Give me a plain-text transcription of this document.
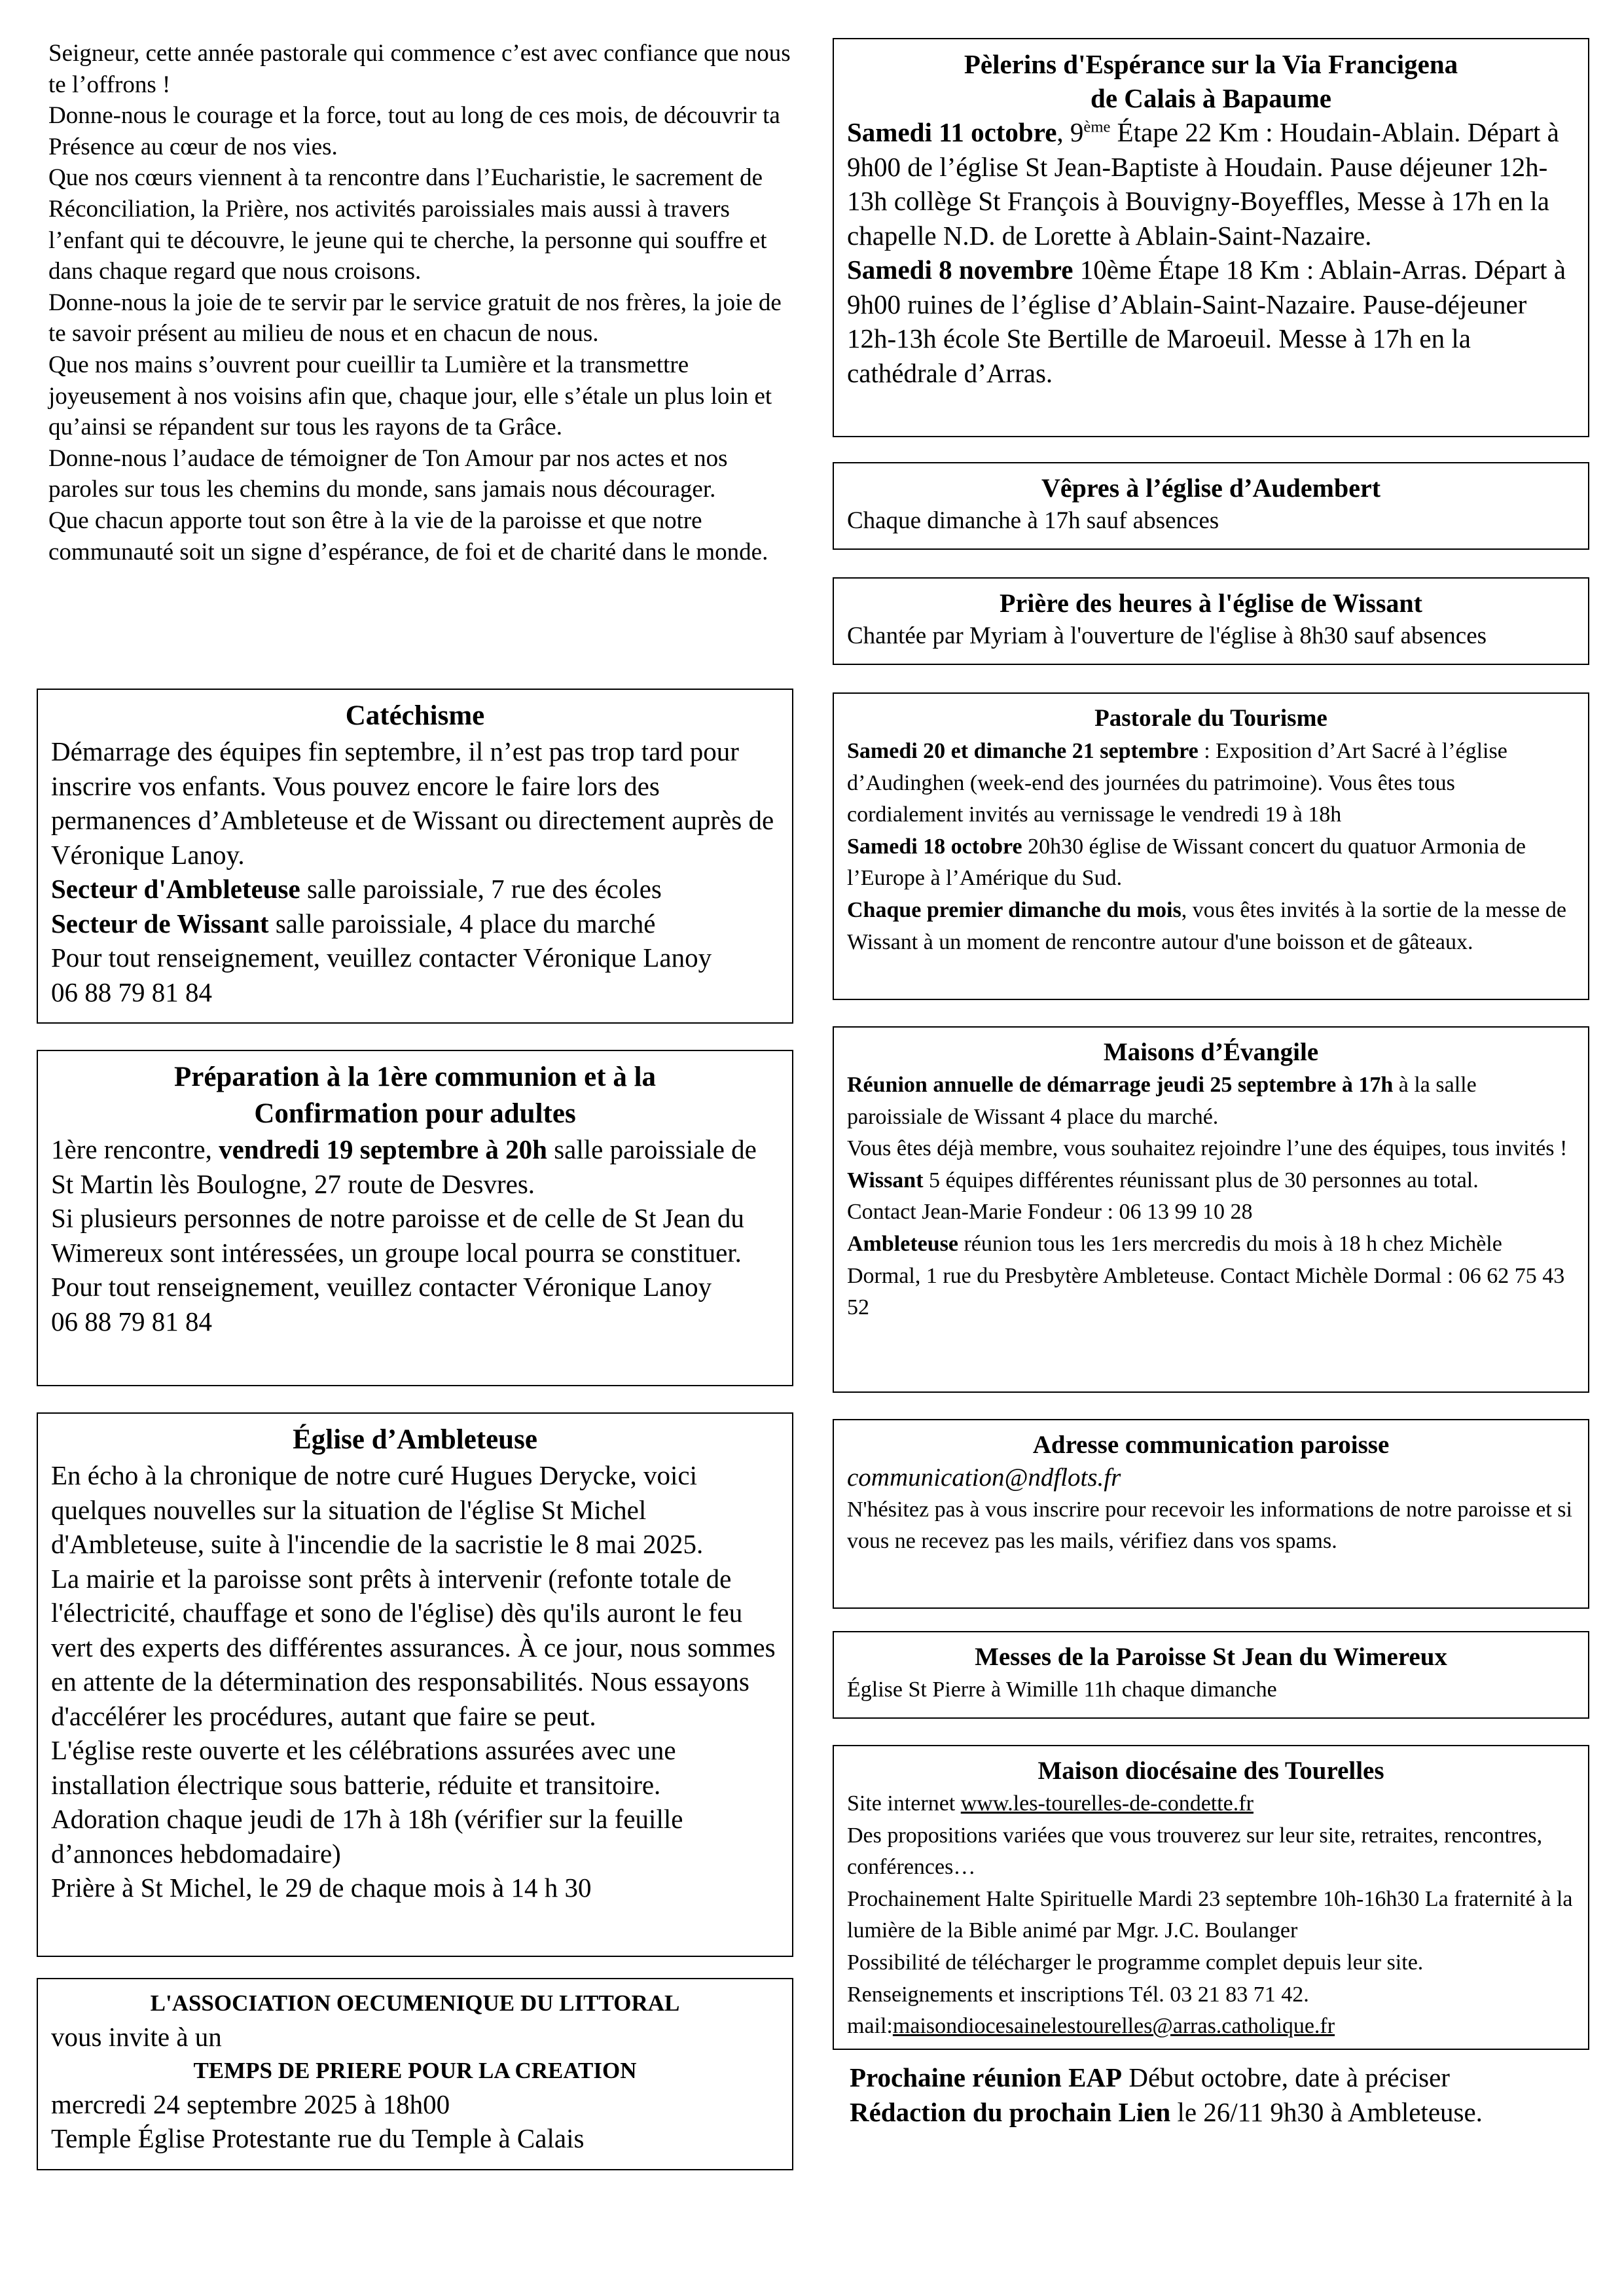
Seigneur, cette année pastorale qui commence c’est avec confiance que nous te l’offrons !

Donne-nous le courage et la force, tout au long de ces mois, de découvrir ta Présence au cœur de nos vies.

Que nos cœurs viennent à ta rencontre dans l’Eucharistie, le sacrement de Réconciliation, la Prière, nos activités paroissiales mais aussi à travers l’enfant qui te découvre, le jeune qui te cherche, la personne qui souffre et dans chaque regard que nous croisons.

Donne-nous la joie de te servir par le service gratuit de nos frères, la joie de te savoir présent au milieu de nous et en chacun de nous.

Que nos mains s’ouvrent pour cueillir ta Lumière et la transmettre joyeusement à nos voisins afin que, chaque jour, elle s’étale un plus loin et qu’ainsi se répandent sur tous les rayons de ta Grâce.

Donne-nous l’audace de témoigner de Ton Amour par nos actes et nos paroles sur tous les chemins du monde, sans jamais nous décourager.

Que chacun apporte tout son être à la vie de la paroisse et que notre communauté soit un signe d’espérance, de foi et de charité dans le monde.

Catéchisme

Démarrage des équipes fin septembre, il n’est pas trop tard pour inscrire vos enfants. Vous pouvez encore le faire lors des permanences d’Ambleteuse et de Wissant ou directement auprès de Véronique Lanoy.

Secteur d'Ambleteuse salle paroissiale, 7 rue des écoles

Secteur de Wissant salle paroissiale, 4 place du marché

Pour tout renseignement, veuillez contacter Véronique Lanoy

06 88 79 81 84

Préparation à la 1ère communion et à la
Confirmation pour adultes

1ère rencontre, vendredi 19 septembre à 20h salle paroissiale de St Martin lès Boulogne, 27 route de Desvres.

Si plusieurs personnes de notre paroisse et de celle de St Jean du Wimereux sont intéressées, un groupe local pourra se constituer.

Pour tout renseignement, veuillez contacter Véronique Lanoy

06 88 79 81 84

Église d’Ambleteuse

En écho à la chronique de notre curé Hugues Derycke, voici quelques nouvelles sur la situation de l'église St Michel d'Ambleteuse, suite à l'incendie de la sacristie le 8 mai 2025.

La mairie et la paroisse sont prêts à intervenir (refonte totale de l'électricité, chauffage et sono de l'église) dès qu'ils auront le feu vert des experts des différentes assurances. À ce jour, nous sommes en attente de la détermination des responsabilités. Nous essayons d'accélérer les procédures, autant que faire se peut.

L'église reste ouverte et les célébrations assurées avec une installation électrique sous batterie, réduite et transitoire.

Adoration chaque jeudi de 17h à 18h (vérifier sur la feuille d’annonces hebdomadaire)

Prière à St Michel, le 29 de chaque mois à 14 h 30

L'ASSOCIATION OECUMENIQUE DU LITTORAL

vous invite à un

TEMPS DE PRIERE POUR LA CREATION

mercredi 24 septembre 2025 à 18h00

Temple Église Protestante rue du Temple à Calais

Pèlerins d'Espérance sur la Via Francigena
de Calais à Bapaume

Samedi 11 octobre, 9ème Étape 22 Km : Houdain-Ablain. Départ à 9h00 de l’église St Jean-Baptiste à Houdain. Pause déjeuner 12h-13h collège St François à Bouvigny-Boyeffles, Messe à 17h en la chapelle N.D. de Lorette à Ablain-Saint-Nazaire.

Samedi 8 novembre 10ème Étape 18 Km : Ablain-Arras. Départ à 9h00 ruines de l’église d’Ablain-Saint-Nazaire. Pause-déjeuner 12h-13h école Ste Bertille de Maroeuil. Messe à 17h en la cathédrale d’Arras.

Vêpres à l’église d’Audembert

Chaque dimanche à 17h sauf absences

Prière des heures à l'église de Wissant

Chantée par Myriam à l'ouverture de l'église à 8h30 sauf absences

Pastorale du Tourisme

Samedi 20 et dimanche 21 septembre : Exposition d’Art Sacré à l’église d’Audinghen (week-end des journées du patrimoine). Vous êtes tous cordialement invités au vernissage le vendredi 19 à 18h

Samedi 18 octobre 20h30 église de Wissant concert du quatuor Armonia de l’Europe à l’Amérique du Sud.

Chaque premier dimanche du mois, vous êtes invités à la sortie de la messe de Wissant à un moment de rencontre autour d'une boisson et de gâteaux.

Maisons d’Évangile

Réunion annuelle de démarrage jeudi 25 septembre à 17h à la salle paroissiale de Wissant 4 place du marché.

Vous êtes déjà membre, vous souhaitez rejoindre l’une des équipes, tous invités !

Wissant 5 équipes différentes réunissant plus de 30 personnes au total.

Contact Jean-Marie Fondeur : 06 13 99 10 28

Ambleteuse réunion tous les 1ers mercredis du mois à 18 h chez Michèle Dormal, 1 rue du Presbytère Ambleteuse. Contact Michèle Dormal : 06 62 75 43 52

Adresse communication paroisse

communication@ndflots.fr

N'hésitez pas à vous inscrire pour recevoir les informations de notre paroisse et si vous ne recevez pas les mails, vérifiez dans vos spams.

Messes de la Paroisse St Jean du Wimereux

Église St Pierre à Wimille 11h chaque dimanche

Maison diocésaine des Tourelles

Site internet www.les-tourelles-de-condette.fr

Des propositions variées que vous trouverez sur leur site, retraites, rencontres, conférences…

Prochainement Halte Spirituelle Mardi 23 septembre 10h-16h30 La fraternité à la lumière de la Bible animé par Mgr. J.C. Boulanger

Possibilité de télécharger le programme complet depuis leur site.

Renseignements et inscriptions Tél. 03 21 83 71 42.

mail:maisondiocesainelestourelles@arras.catholique.fr

Prochaine réunion EAP Début octobre, date à préciser

Rédaction du prochain Lien le 26/11 9h30 à Ambleteuse.
